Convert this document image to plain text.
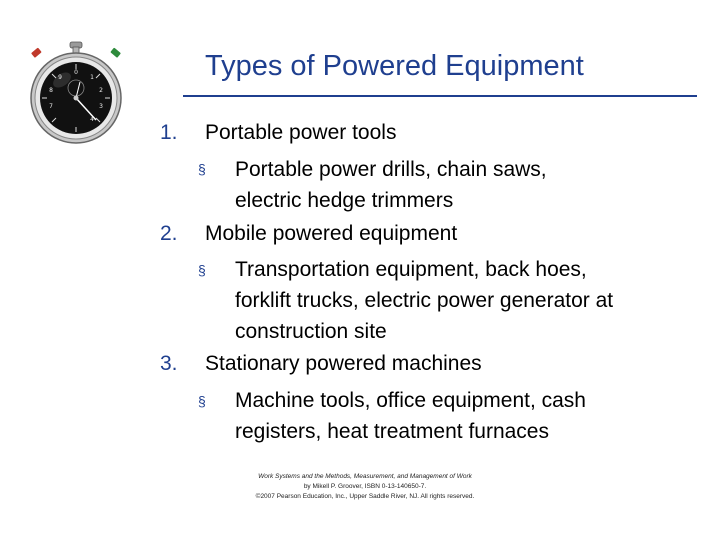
0
1
2
3
4
9
8
7
Types of Powered Equipment
1. Portable power tools
§ Portable power drills, chain saws,
electric hedge trimmers
2. Mobile powered equipment
§ Transportation equipment, back hoes,
forklift trucks, electric power generator at
construction site
3. Stationary powered machines
§ Machine tools, office equipment, cash
registers, heat treatment furnaces
Work Systems and the Methods, Measurement, and Management of Work
by Mikell P. Groover, ISBN 0-13-140650-7.
©2007 Pearson Education, Inc., Upper Saddle River, NJ. All rights reserved.
